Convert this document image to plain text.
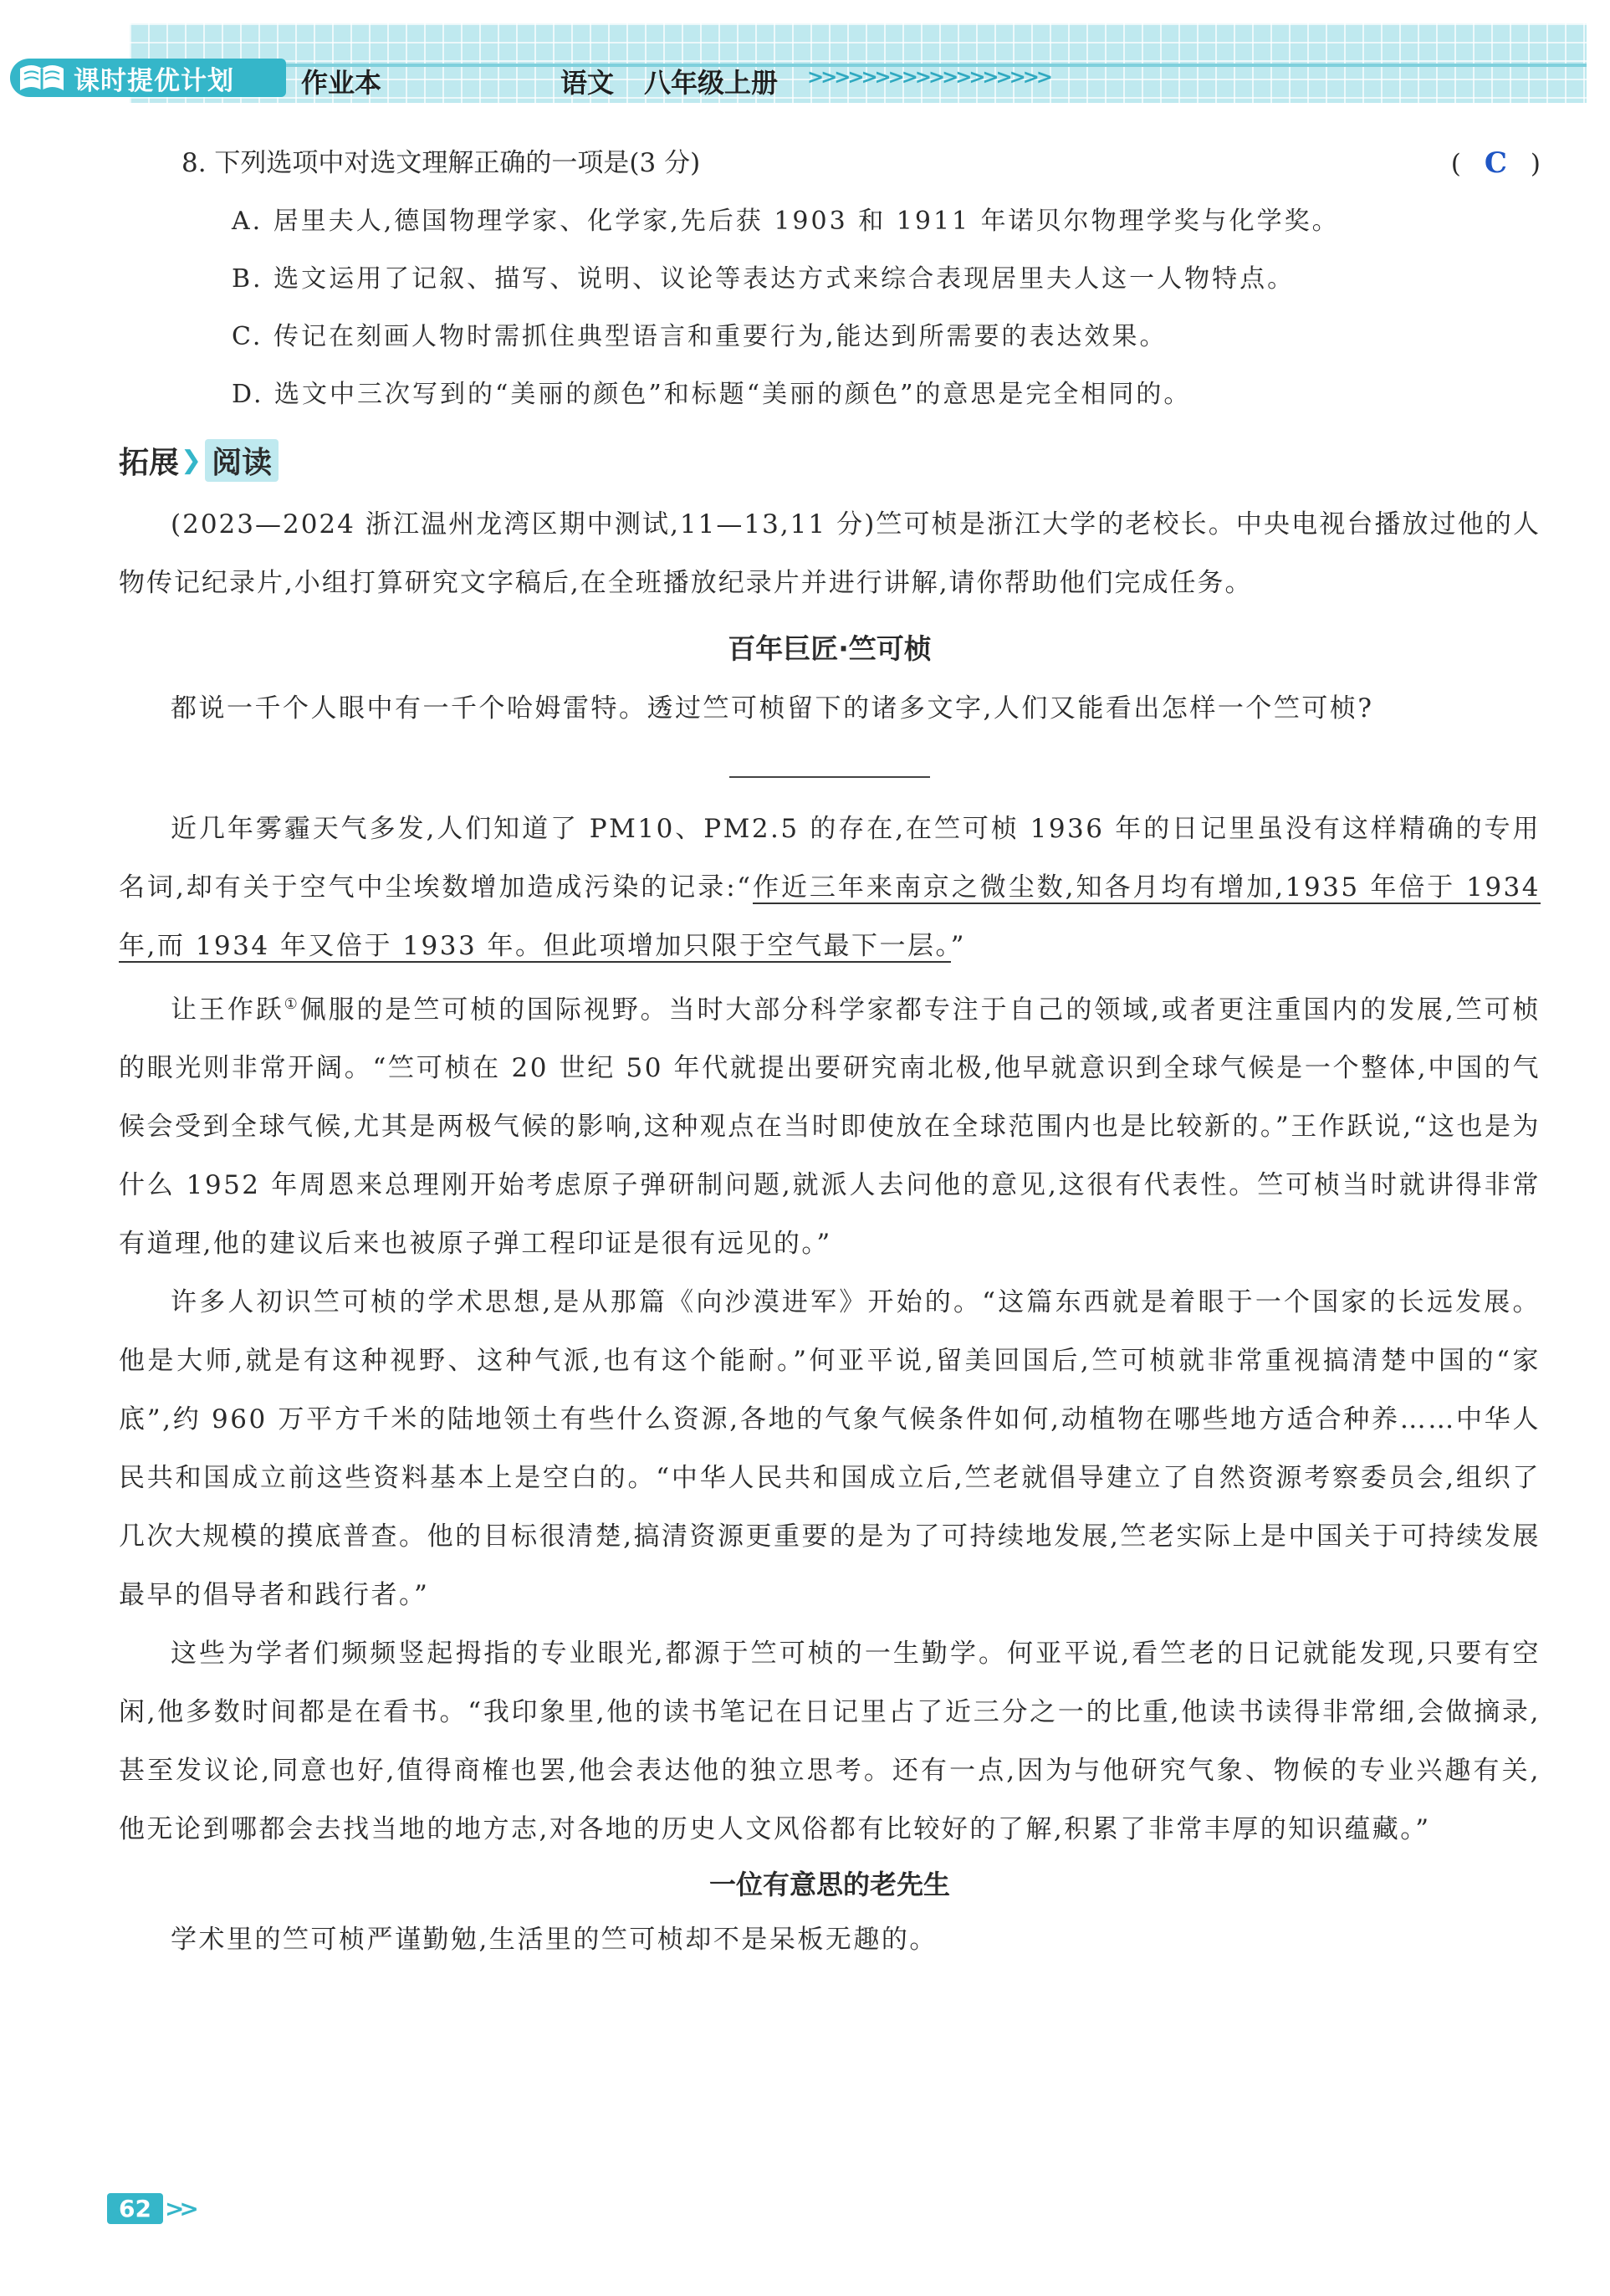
课时提优计划	作业本	语文 八年级上册 >>>>>>>>>>>>>>>>>>
8. 下列选项中对选文理解正确的一项是(3 分)	( C )
A. 居里夫人,德国物理学家、化学家,先后获 1903 和 1911 年诺贝尔物理学奖与化学奖。
B. 选文运用了记叙、描写、说明、议论等表达方式来综合表现居里夫人这一人物特点。
C. 传记在刻画人物时需抓住典型语言和重要行为,能达到所需要的表达效果。
D. 选文中三次写到的“美丽的颜色”和标题“美丽的颜色”的意思是完全相同的。
拓展 ❯ 阅读

(2023—2024 浙江温州龙湾区期中测试,11—13,11 分)竺可桢是浙江大学的老校长。中央电视台播放过他的人物传记纪录片,小组打算研究文字稿后,在全班播放纪录片并进行讲解,请你帮助他们完成任务。

百年巨匠·竺可桢

都说一千个人眼中有一千个哈姆雷特。透过竺可桢留下的诸多文字,人们又能看出怎样一个竺可桢?

近几年雾霾天气多发,人们知道了 PM10、PM2.5 的存在,在竺可桢 1936 年的日记里虽没有这样精确的专用名词,却有关于空气中尘埃数增加造成污染的记录:“作近三年来南京之微尘数,知各月均有增加,1935 年倍于 1934 年,而 1934 年又倍于 1933 年。但此项增加只限于空气最下一层。”

让王作跃①佩服的是竺可桢的国际视野。当时大部分科学家都专注于自己的领域,或者更注重国内的发展,竺可桢的眼光则非常开阔。“竺可桢在 20 世纪 50 年代就提出要研究南北极,他早就意识到全球气候是一个整体,中国的气候会受到全球气候,尤其是两极气候的影响,这种观点在当时即使放在全球范围内也是比较新的。”王作跃说,“这也是为什么 1952 年周恩来总理刚开始考虑原子弹研制问题,就派人去问他的意见,这很有代表性。竺可桢当时就讲得非常有道理,他的建议后来也被原子弹工程印证是很有远见的。”

许多人初识竺可桢的学术思想,是从那篇《向沙漠进军》开始的。“这篇东西就是着眼于一个国家的长远发展。他是大师,就是有这种视野、这种气派,也有这个能耐。”何亚平说,留美回国后,竺可桢就非常重视搞清楚中国的“家底”,约 960 万平方千米的陆地领土有些什么资源,各地的气象气候条件如何,动植物在哪些地方适合种养……中华人民共和国成立前这些资料基本上是空白的。“中华人民共和国成立后,竺老就倡导建立了自然资源考察委员会,组织了几次大规模的摸底普查。他的目标很清楚,搞清资源更重要的是为了可持续地发展,竺老实际上是中国关于可持续发展最早的倡导者和践行者。”

这些为学者们频频竖起拇指的专业眼光,都源于竺可桢的一生勤学。何亚平说,看竺老的日记就能发现,只要有空闲,他多数时间都是在看书。“我印象里,他的读书笔记在日记里占了近三分之一的比重,他读书读得非常细,会做摘录,甚至发议论,同意也好,值得商榷也罢,他会表达他的独立思考。还有一点,因为与他研究气象、物候的专业兴趣有关,他无论到哪都会去找当地的地方志,对各地的历史人文风俗都有比较好的了解,积累了非常丰厚的知识蕴藏。”

一位有意思的老先生

学术里的竺可桢严谨勤勉,生活里的竺可桢却不是呆板无趣的。

62 >>
